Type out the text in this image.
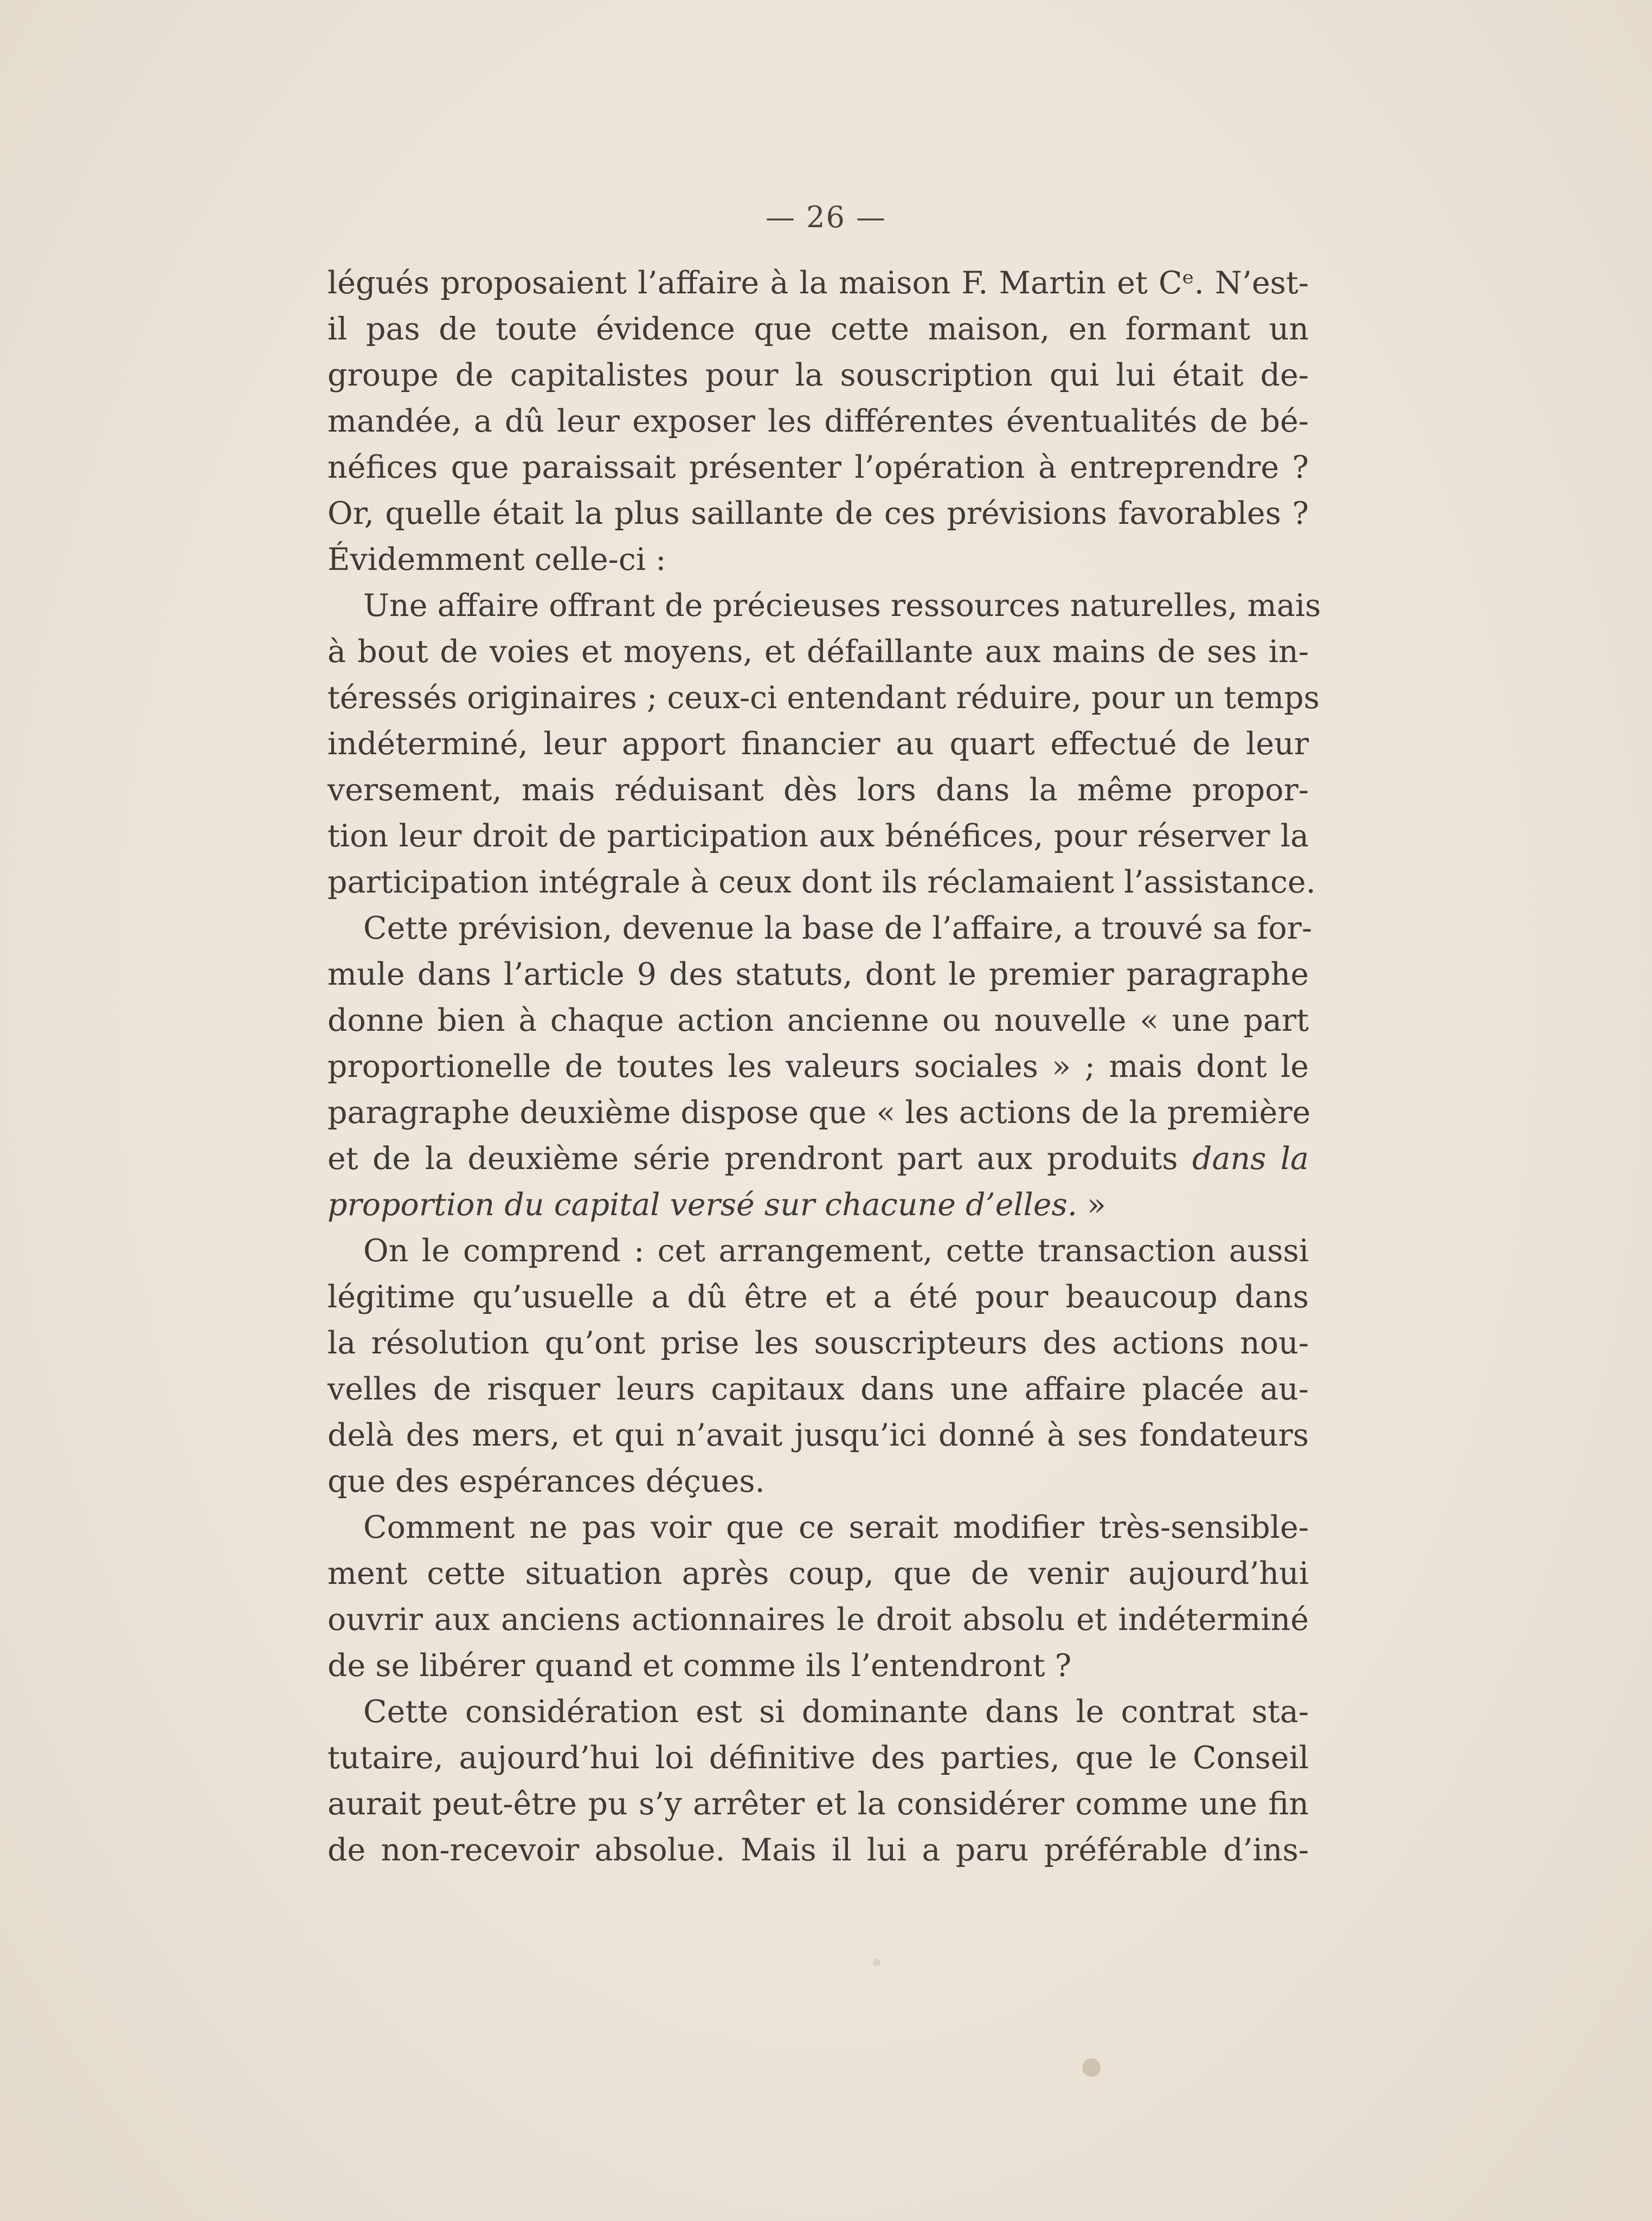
— 26 —
légués proposaient l’affaire à la maison F. Martin et Cᵉ. N’est-
il pas de toute évidence que cette maison, en formant un
groupe de capitalistes pour la souscription qui lui était de-
mandée, a dû leur exposer les différentes éventualités de bé-
néfices que paraissait présenter l’opération à entreprendre ?
Or, quelle était la plus saillante de ces prévisions favorables ?
Évidemment celle-ci :
Une affaire offrant de précieuses ressources naturelles, mais
à bout de voies et moyens, et défaillante aux mains de ses in-
téressés originaires ; ceux-ci entendant réduire, pour un temps
indéterminé, leur apport financier au quart effectué de leur
versement, mais réduisant dès lors dans la même propor-
tion leur droit de participation aux bénéfices, pour réserver la
participation intégrale à ceux dont ils réclamaient l’assistance.
Cette prévision, devenue la base de l’affaire, a trouvé sa for-
mule dans l’article 9 des statuts, dont le premier paragraphe
donne bien à chaque action ancienne ou nouvelle « une part
proportionelle de toutes les valeurs sociales » ; mais dont le
paragraphe deuxième dispose que « les actions de la première
et de la deuxième série prendront part aux produits dans la
proportion du capital versé sur chacune d’elles. »
On le comprend : cet arrangement, cette transaction aussi
légitime qu’usuelle a dû être et a été pour beaucoup dans
la résolution qu’ont prise les souscripteurs des actions nou-
velles de risquer leurs capitaux dans une affaire placée au-
delà des mers, et qui n’avait jusqu’ici donné à ses fondateurs
que des espérances déçues.
Comment ne pas voir que ce serait modifier très-sensible-
ment cette situation après coup, que de venir aujourd’hui
ouvrir aux anciens actionnaires le droit absolu et indéterminé
de se libérer quand et comme ils l’entendront ?
Cette considération est si dominante dans le contrat sta-
tutaire, aujourd’hui loi définitive des parties, que le Conseil
aurait peut-être pu s’y arrêter et la considérer comme une fin
de non-recevoir absolue. Mais il lui a paru préférable d’ins-
